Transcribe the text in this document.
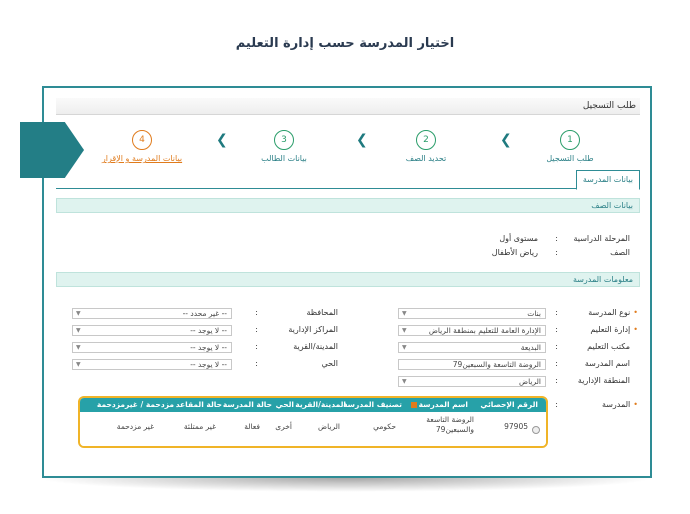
اختيار المدرسة حسب إدارة التعليم
طلب التسجيل
1
طلب التسجيل
❮
2
تحديد الصف
❮
3
بيانات الطالب
❮
4
بيانات المدرسة و الإقرار
بيانات المدرسة
بيانات الصف
المرحلة الدراسية
:
مستوى أول
الصف
:
رياض الأطفال
معلومات المدرسة
• نوع المدرسة
:
بنات
▼
• إدارة التعليم
:
الإدارة العامة للتعليم بمنطقة الرياض
▼
مكتب التعليم
:
البديعة
▼
اسم المدرسة
:
الروضة التاسعة والسبعين79
المنطقة الإدارية
:
الرياض
▼
• المدرسة
:
المحافظة
:
-- غير محدد --
▼
المراكز الإدارية
:
-- لا يوجد --
▼
المدينة/القرية
:
-- لا يوجد --
▼
الحي
:
-- لا يوجد --
▼
الرقم الإحصائي
اسم المدرسة
تصنيف المدرسة
المدينة/القرية
الحي
حالة المدرسة
حالة المقاعد
مزدحمة / غيرمزدحمة
97905
الروضة التاسعة والسبعين79
حكومي
الرياض
أخرى
فعالة
غير ممتلئة
غير مزدحمة
